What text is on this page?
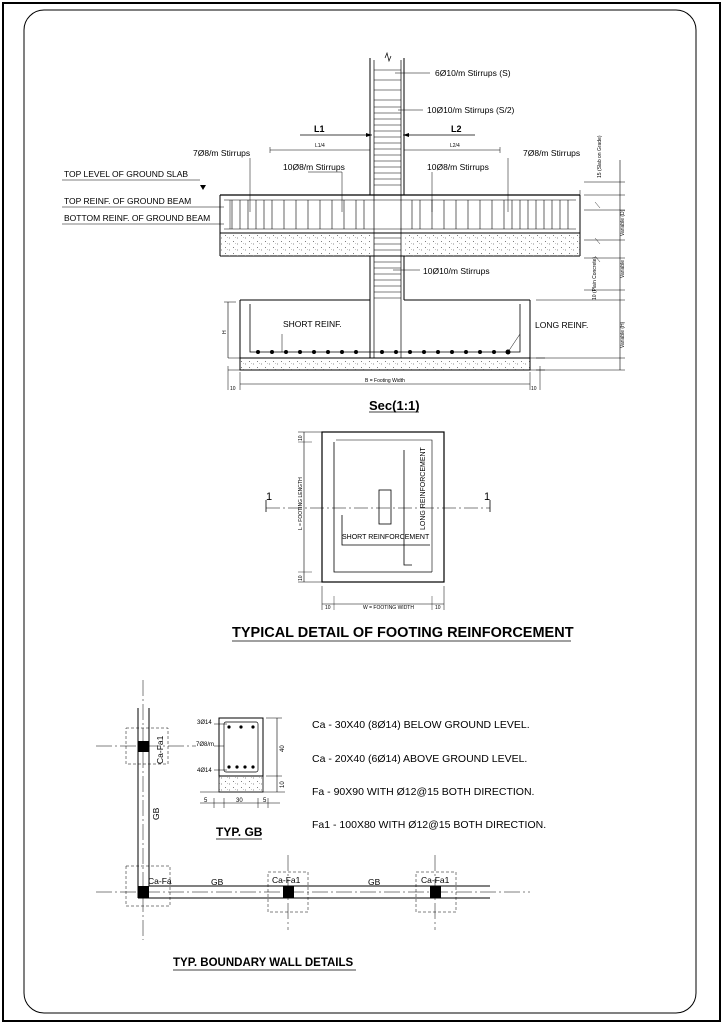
6Ø10/m Stirrups (S)
10Ø10/m Stirrups (S/2)
L1	L2
L1/4	L2/4
7Ø8/m Stirrups	7Ø8/m Stirrups
10Ø8/m Stirrups	10Ø8/m Stirrups
TOP LEVEL OF GROUND SLAB
TOP REINF. OF GROUND BEAM
BOTTOM REINF. OF GROUND BEAM
10Ø10/m Stirrups
SHORT REINF.	LONG REINF.
H
15 (Slab on Grade)
Variable (D)
Variable
10 (Plain Concrete)
Variable (H)
B = Footing Width
10	10
Sec(1:1)
LONG REINFORCEMENT
SHORT REINFORCEMENT
1	1
L = FOOTING LENGTH
W = FOOTING WIDTH
10
10
10	10
TYPICAL DETAIL OF FOOTING REINFORCEMENT
3Ø14
7Ø8/m
4Ø14
40
10
5	30	5
TYP. GB
Ca - 30X40 (8Ø14) BELOW GROUND LEVEL.
Ca - 20X40 (6Ø14) ABOVE GROUND LEVEL.
Fa - 90X90 WITH Ø12@15 BOTH DIRECTION.
Fa1 - 100X80 WITH Ø12@15 BOTH DIRECTION.
Ca-Fa1
GB
Ca-Fa	GB	Ca-Fa1	GB	Ca-Fa1
TYP. BOUNDARY WALL DETAILS
